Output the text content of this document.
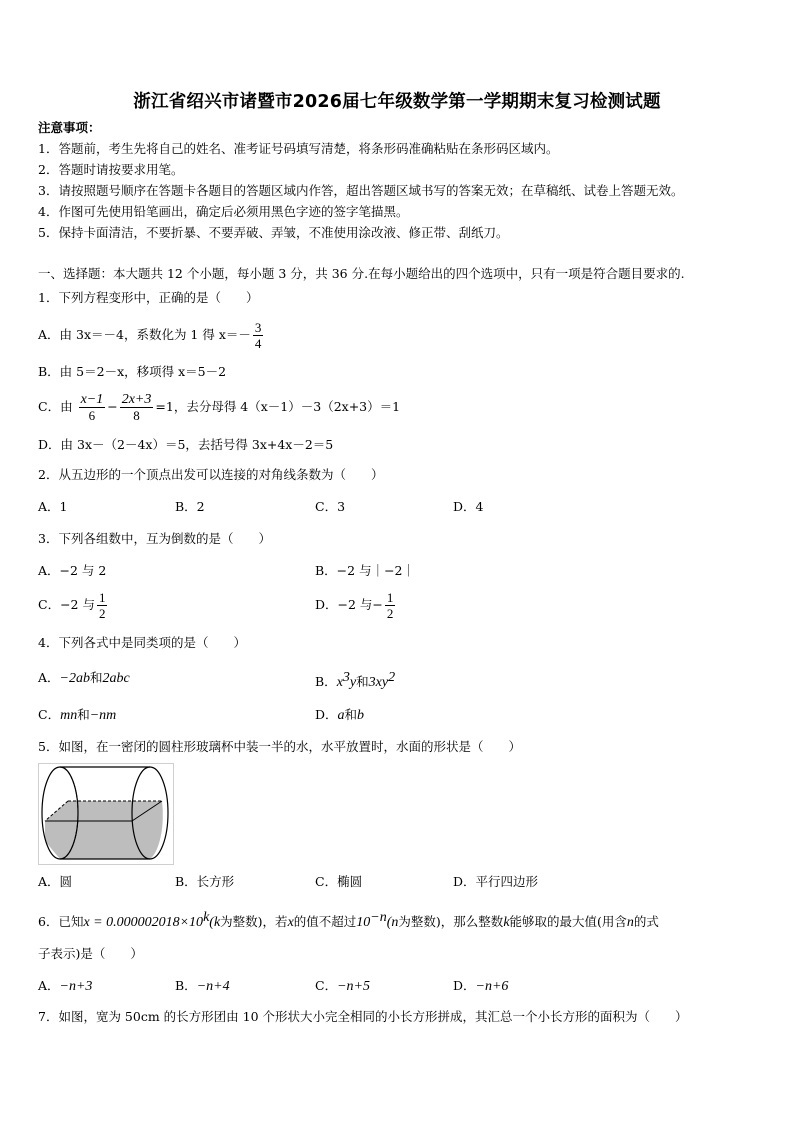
浙江省绍兴市诸暨市2026届七年级数学第一学期期末复习检测试题
注意事项：
1．答题前，考生先将自己的姓名、准考证号码填写清楚，将条形码准确粘贴在条形码区域内。
2．答题时请按要求用笔。
3．请按照题号顺序在答题卡各题目的答题区域内作答，超出答题区域书写的答案无效；在草稿纸、试卷上答题无效。
4．作图可先使用铅笔画出，确定后必须用黑色字迹的签字笔描黑。
5．保持卡面清洁，不要折暴、不要弄破、弄皱，不准使用涂改液、修正带、刮纸刀。
一、选择题：本大题共 12 个小题，每小题 3 分，共 36 分.在每小题给出的四个选项中，只有一项是符合题目要求的.
1．下列方程变形中，正确的是（　　）
A．由 3x＝－4，系数化为 1 得 $x=- \frac{3}{4}$
B．由 5＝2－x，移项得 x＝5－2
C．由 $\frac{x-1}{6} - \frac{2x+3}{8} =1$，去分母得 4（x－1）－3（2x+3）＝1
D．由 3x－（2－4x）＝5，去括号得 3x+4x－2＝5
2．从五边形的一个顶点出发可以连接的对角线条数为（　　）
A．1	B．2	C．3	D．4
3．下列各组数中，互为倒数的是（　　）
A．−2 与 2	B．−2 与｜−2｜
C．−2 与 $\frac{1}{2}$	D．−2 与− $\frac{1}{2}$
4．下列各式中是同类项的是（　　）
A．−2ab和2abc	B．$x^3y$和$3xy^2$
C．mn和−nm	D．a和b
5．如图，在一密闭的圆柱形玻璃杯中装一半的水，水平放置时，水面的形状是（　　）
A．圆	B．长方形	C．椭圆	D．平行四边形
6．已知$x = 0.000002018\times 10^k(k$为整数)，若x的值不超过$10^{-n}(n$为整数)，那么整数k能够取的最大值(用含n的式
子表示)是（　　）
A．−n+3	B．−n+4	C．−n+5	D．−n+6
7．如图，宽为 50cm 的长方形团由 10 个形状大小完全相同的小长方形拼成，其汇总一个小长方形的面积为（　　）
